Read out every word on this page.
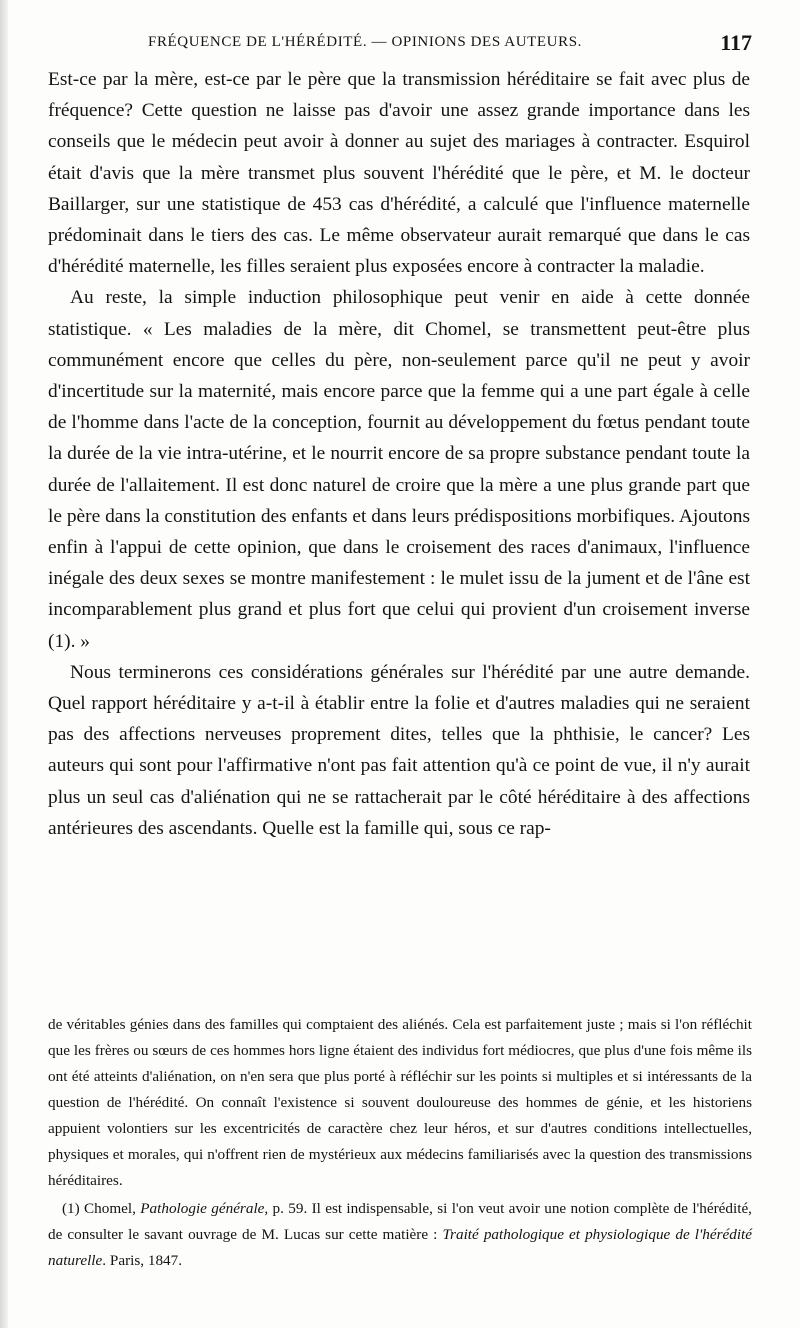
FRÉQUENCE DE L'HÉRÉDITÉ. — OPINIONS DES AUTEURS.	117

Est-ce par la mère, est-ce par le père que la transmission héréditaire se fait avec plus de fréquence? Cette question ne laisse pas d'avoir une assez grande importance dans les conseils que le médecin peut avoir à donner au sujet des mariages à contracter. Esquirol était d'avis que la mère transmet plus souvent l'hérédité que le père, et M. le docteur Baillarger, sur une statistique de 453 cas d'hérédité, a calculé que l'influence maternelle prédominait dans le tiers des cas. Le même observateur aurait remarqué que dans le cas d'hérédité maternelle, les filles seraient plus exposées encore à contracter la maladie.

Au reste, la simple induction philosophique peut venir en aide à cette donnée statistique. « Les maladies de la mère, dit Chomel, se transmettent peut-être plus communément encore que celles du père, non-seulement parce qu'il ne peut y avoir d'incertitude sur la maternité, mais encore parce que la femme qui a une part égale à celle de l'homme dans l'acte de la conception, fournit au développement du fœtus pendant toute la durée de la vie intra-utérine, et le nourrit encore de sa propre substance pendant toute la durée de l'allaitement. Il est donc naturel de croire que la mère a une plus grande part que le père dans la constitution des enfants et dans leurs prédispositions morbifiques. Ajoutons enfin à l'appui de cette opinion, que dans le croisement des races d'animaux, l'influence inégale des deux sexes se montre manifestement : le mulet issu de la jument et de l'âne est incomparablement plus grand et plus fort que celui qui provient d'un croisement inverse (1). »

Nous terminerons ces considérations générales sur l'hérédité par une autre demande. Quel rapport héréditaire y a-t-il à établir entre la folie et d'autres maladies qui ne seraient pas des affections nerveuses proprement dites, telles que la phthisie, le cancer? Les auteurs qui sont pour l'affirmative n'ont pas fait attention qu'à ce point de vue, il n'y aurait plus un seul cas d'aliénation qui ne se rattacherait par le côté héréditaire à des affections antérieures des ascendants. Quelle est la famille qui, sous ce rap-

de véritables génies dans des familles qui comptaient des aliénés. Cela est parfaitement juste ; mais si l'on réfléchit que les frères ou sœurs de ces hommes hors ligne étaient des individus fort médiocres, que plus d'une fois même ils ont été atteints d'aliénation, on n'en sera que plus porté à réfléchir sur les points si multiples et si intéressants de la question de l'hérédité. On connaît l'existence si souvent douloureuse des hommes de génie, et les historiens appuient volontiers sur les excentricités de caractère chez leur héros, et sur d'autres conditions intellectuelles, physiques et morales, qui n'offrent rien de mystérieux aux médecins familiarisés avec la question des transmissions héréditaires.

(1) Chomel, Pathologie générale, p. 59. Il est indispensable, si l'on veut avoir une notion complète de l'hérédité, de consulter le savant ouvrage de M. Lucas sur cette matière : Traité pathologique et physiologique de l'hérédité naturelle. Paris, 1847.
